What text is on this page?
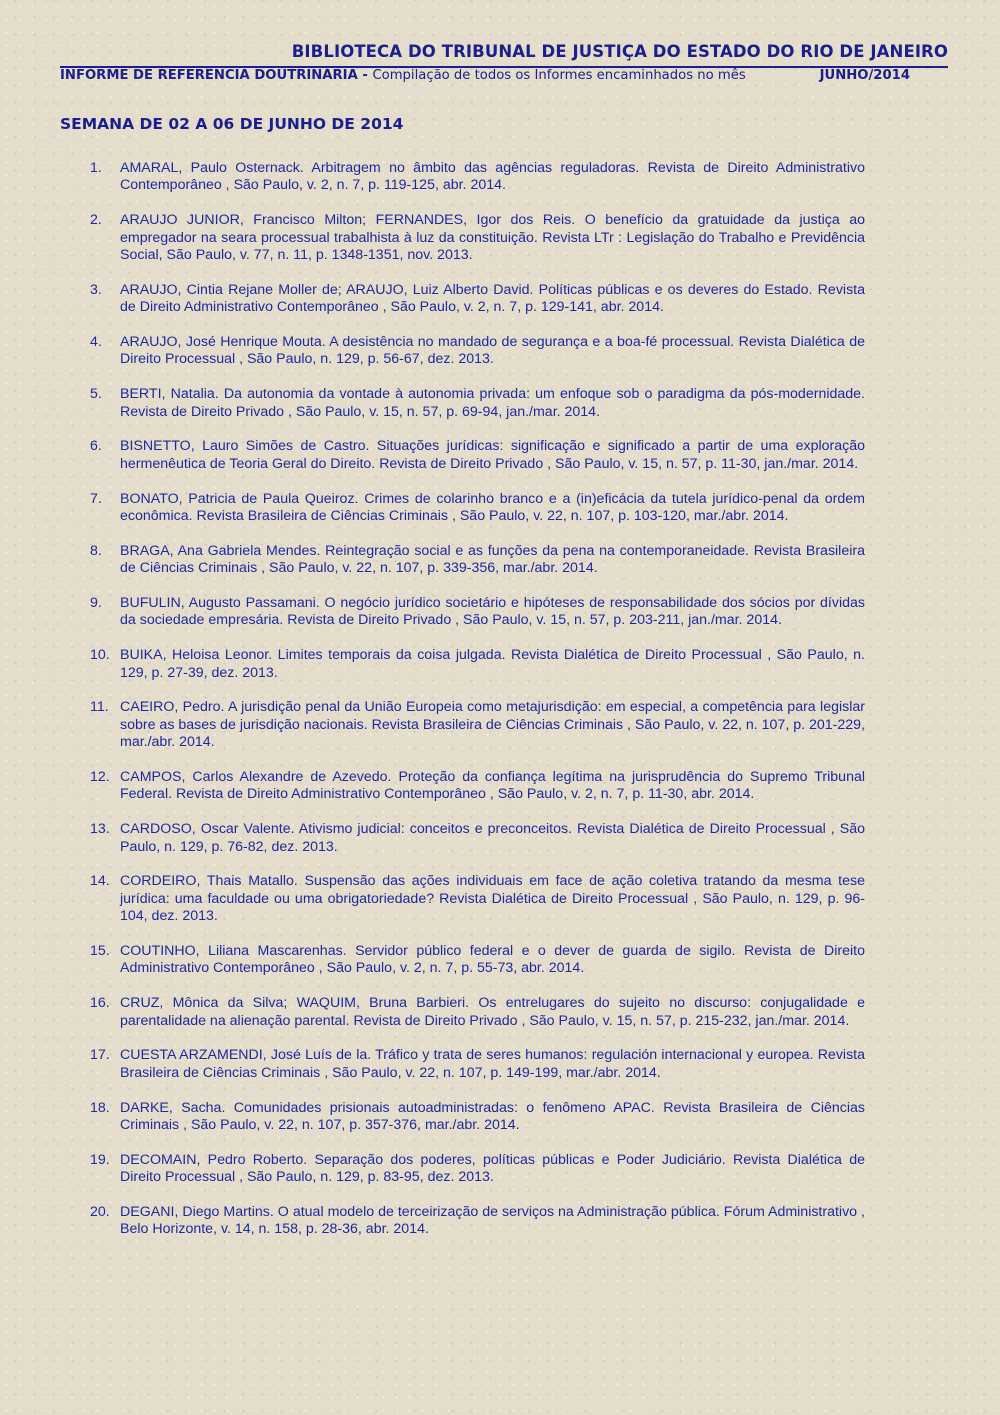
BIBLIOTECA DO TRIBUNAL DE JUSTIÇA DO ESTADO DO RIO DE JANEIRO
INFORME DE REFERÊNCIA DOUTRINÁRIA - Compilação de todos os Informes encaminhados no mês	JUNHO/2014
SEMANA DE 02 A 06 DE JUNHO DE 2014
1. AMARAL, Paulo Osternack. Arbitragem no âmbito das agências reguladoras. Revista de Direito Administrativo Contemporâneo , São Paulo, v. 2, n. 7, p. 119-125, abr. 2014.
2. ARAUJO JUNIOR, Francisco Milton; FERNANDES, Igor dos Reis. O benefício da gratuidade da justiça ao empregador na seara processual trabalhista à luz da constituição. Revista LTr : Legislação do Trabalho e Previdência Social, São Paulo, v. 77, n. 11, p. 1348-1351, nov. 2013.
3. ARAUJO, Cintia Rejane Moller de; ARAUJO, Luiz Alberto David. Políticas públicas e os deveres do Estado. Revista de Direito Administrativo Contemporâneo , São Paulo, v. 2, n. 7, p. 129-141, abr. 2014.
4. ARAUJO, José Henrique Mouta. A desistência no mandado de segurança e a boa-fé processual. Revista Dialética de Direito Processual , São Paulo, n. 129, p. 56-67, dez. 2013.
5. BERTI, Natalia. Da autonomia da vontade à autonomia privada: um enfoque sob o paradigma da pós-modernidade. Revista de Direito Privado , São Paulo, v. 15, n. 57, p. 69-94, jan./mar. 2014.
6. BISNETTO, Lauro Simões de Castro. Situações jurídicas: significação e significado a partir de uma exploração hermenêutica de Teoria Geral do Direito. Revista de Direito Privado , São Paulo, v. 15, n. 57, p. 11-30, jan./mar. 2014.
7. BONATO, Patricia de Paula Queiroz. Crimes de colarinho branco e a (in)eficácia da tutela jurídico-penal da ordem econômica. Revista Brasileira de Ciências Criminais , São Paulo, v. 22, n. 107, p. 103-120, mar./abr. 2014.
8. BRAGA, Ana Gabriela Mendes. Reintegração social e as funções da pena na contemporaneidade. Revista Brasileira de Ciências Criminais , São Paulo, v. 22, n. 107, p. 339-356, mar./abr. 2014.
9. BUFULIN, Augusto Passamani. O negócio jurídico societário e hipóteses de responsabilidade dos sócios por dívidas da sociedade empresária. Revista de Direito Privado , São Paulo, v. 15, n. 57, p. 203-211, jan./mar. 2014.
10. BUIKA, Heloisa Leonor. Limites temporais da coisa julgada. Revista Dialética de Direito Processual , São Paulo, n. 129, p. 27-39, dez. 2013.
11. CAEIRO, Pedro. A jurisdição penal da União Europeia como metajurisdição: em especial, a competência para legislar sobre as bases de jurisdição nacionais. Revista Brasileira de Ciências Criminais , São Paulo, v. 22, n. 107, p. 201-229, mar./abr. 2014.
12. CAMPOS, Carlos Alexandre de Azevedo. Proteção da confiança legítima na jurisprudência do Supremo Tribunal Federal. Revista de Direito Administrativo Contemporâneo , São Paulo, v. 2, n. 7, p. 11-30, abr. 2014.
13. CARDOSO, Oscar Valente. Ativismo judicial: conceitos e preconceitos. Revista Dialética de Direito Processual , São Paulo, n. 129, p. 76-82, dez. 2013.
14. CORDEIRO, Thais Matallo. Suspensão das ações individuais em face de ação coletiva tratando da mesma tese jurídica: uma faculdade ou uma obrigatoriedade? Revista Dialética de Direito Processual , São Paulo, n. 129, p. 96-104, dez. 2013.
15. COUTINHO, Liliana Mascarenhas. Servidor público federal e o dever de guarda de sigilo. Revista de Direito Administrativo Contemporâneo , São Paulo, v. 2, n. 7, p. 55-73, abr. 2014.
16. CRUZ, Mônica da Silva; WAQUIM, Bruna Barbieri. Os entrelugares do sujeito no discurso: conjugalidade e parentalidade na alienação parental. Revista de Direito Privado , São Paulo, v. 15, n. 57, p. 215-232, jan./mar. 2014.
17. CUESTA ARZAMENDI, José Luís de la. Tráfico y trata de seres humanos: regulación internacional y europea. Revista Brasileira de Ciências Criminais , São Paulo, v. 22, n. 107, p. 149-199, mar./abr. 2014.
18. DARKE, Sacha. Comunidades prisionais autoadministradas: o fenômeno APAC. Revista Brasileira de Ciências Criminais , São Paulo, v. 22, n. 107, p. 357-376, mar./abr. 2014.
19. DECOMAIN, Pedro Roberto. Separação dos poderes, políticas públicas e Poder Judiciário. Revista Dialética de Direito Processual , São Paulo, n. 129, p. 83-95, dez. 2013.
20. DEGANI, Diego Martins. O atual modelo de terceirização de serviços na Administração pública. Fórum Administrativo , Belo Horizonte, v. 14, n. 158, p. 28-36, abr. 2014.
